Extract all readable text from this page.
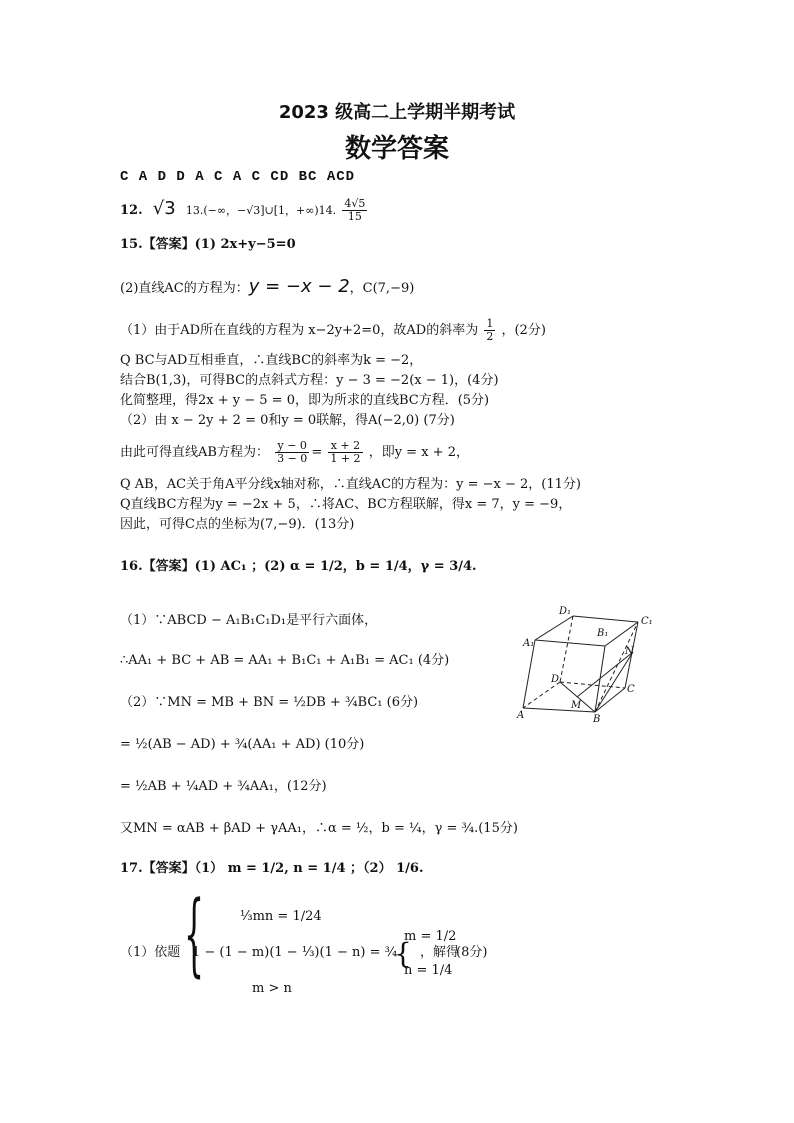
2023 级高二上学期半期考试
数学答案
C A D D A C A C CD BC ACD
12. √3 13.(−∞，−√3]∪[1，+∞)14. $\frac{4√5}{15}$
15.【答案】(1) 2x+y−5=0
(2)直线AC的方程为：y = −x − 2，C(7,−9)
（1）由于AD所在直线的方程为 x−2y+2=0，故AD的斜率为 $\frac{1}{2}$ ，(2分)
Q BC与AD互相垂直，∴直线BC的斜率为k = −2，
结合B(1,3)，可得BC的点斜式方程：y − 3 = −2(x − 1)，(4分)
化简整理，得2x + y − 5 = 0，即为所求的直线BC方程．(5分)
（2）由 x − 2y + 2 = 0和y = 0联解，得A(−2,0) (7分)
由此可得直线AB方程为： $\frac{y - 0}{3 - 0} = \frac{x + 2}{1 + 2}$ ，即y = x + 2，
Q AB，AC关于角A平分线x轴对称，∴直线AC的方程为：y = −x − 2，(11分)
Q直线BC方程为y = −2x + 5，∴将AC、BC方程联解，得x = 7，y = −9，
因此，可得C点的坐标为(7,−9)．(13分)
16.【答案】(1) AC₁ ；(2) α = 1/2，b = 1/4，γ = 3/4.
（1）∵ABCD − A₁B₁C₁D₁是平行六面体，
∴AA₁ + BC + AB = AA₁ + B₁C₁ + A₁B₁ = AC₁ (4分)
（2）∵MN = MB + BN = ½DB + ¾BC₁ (6分)
= ½(AB − AD) + ¾(AA₁ + AD) (10分)
= ½AB + ¼AD + ¾AA₁，(12分)
又MN = αAB + βAD + γAA₁，∴α = ½，b = ¼，γ = ¾.(15分)
17.【答案】（1） m = 1/2, n = 1/4 ；（2） 1/6.
（1）依题 {	⅓mn = 1/24
1 − (1 − m)(1 − ⅓)(1 − n) = ¾
m > n
，解得
{
m = 1/2
n = 1/4
(8分)
D₁
C₁
B₁
A₁
N
D
C
A
M
B
